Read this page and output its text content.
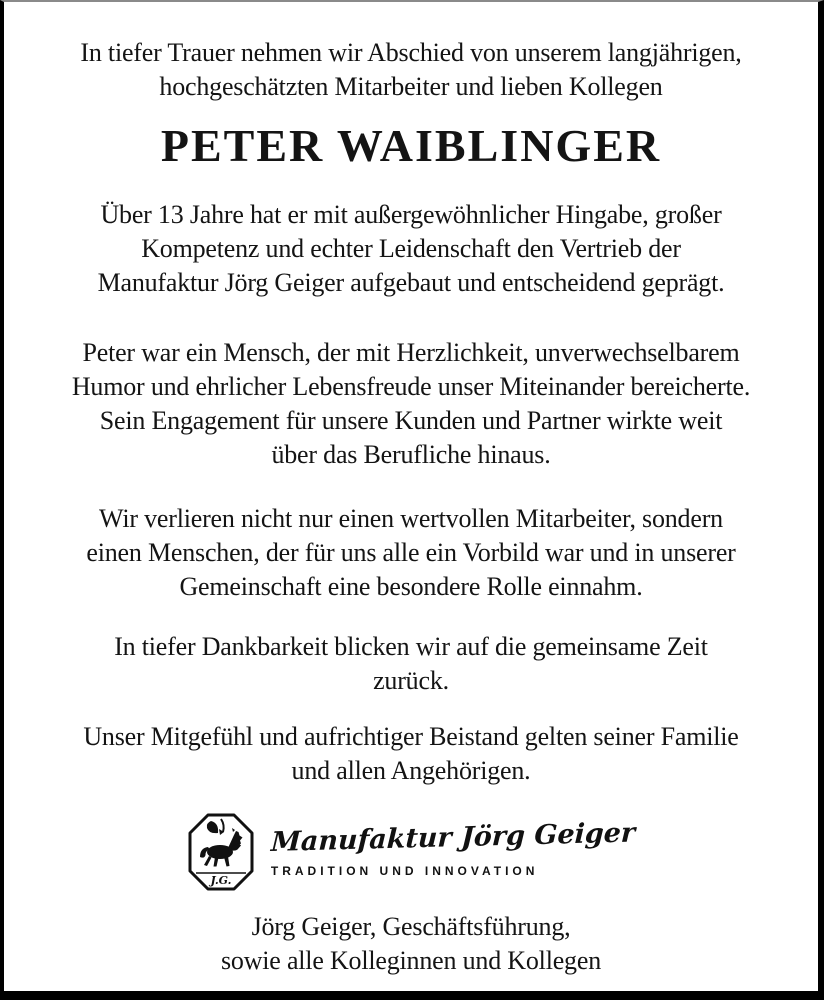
In tiefer Trauer nehmen wir Abschied von unserem langjährigen,
hochgeschätzten Mitarbeiter und lieben Kollegen
PETER WAIBLINGER
Über 13 Jahre hat er mit außergewöhnlicher Hingabe, großer
Kompetenz und echter Leidenschaft den Vertrieb der
Manufaktur Jörg Geiger aufgebaut und entscheidend geprägt.
Peter war ein Mensch, der mit Herzlichkeit, unverwechselbarem
Humor und ehrlicher Lebensfreude unser Miteinander bereicherte.
Sein Engagement für unsere Kunden und Partner wirkte weit
über das Berufliche hinaus.
Wir verlieren nicht nur einen wertvollen Mitarbeiter, sondern
einen Menschen, der für uns alle ein Vorbild war und in unserer
Gemeinschaft eine besondere Rolle einnahm.
In tiefer Dankbarkeit blicken wir auf die gemeinsame Zeit
zurück.
Unser Mitgefühl und aufrichtiger Beistand gelten seiner Familie
und allen Angehörigen.
J.G.
Manufaktur Jörg Geiger
TRADITION UND INNOVATION
Jörg Geiger, Geschäftsführung,
sowie alle Kolleginnen und Kollegen
